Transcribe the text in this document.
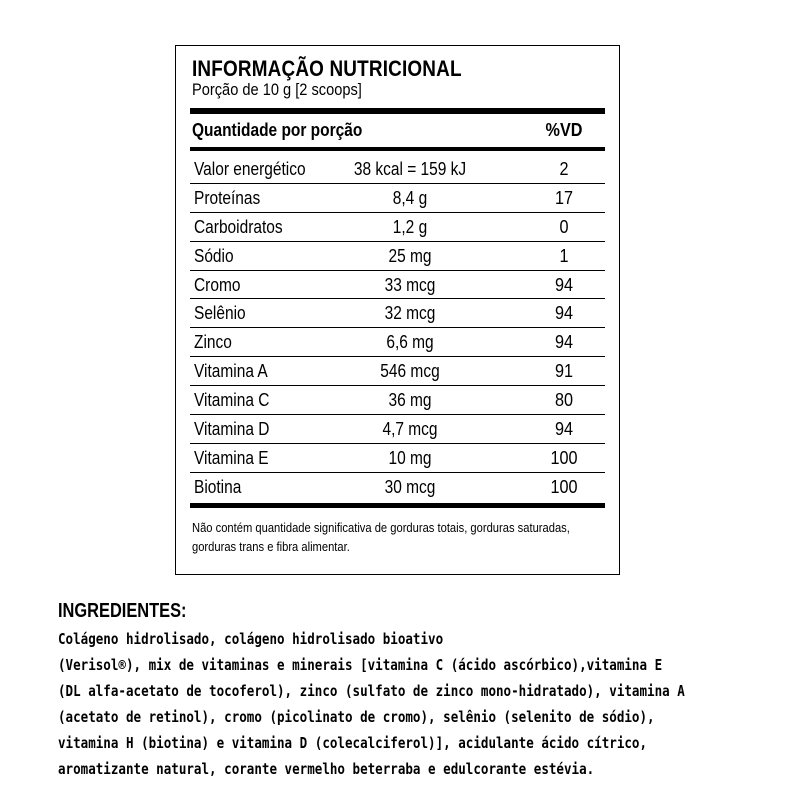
INFORMAÇÃO NUTRICIONAL
Porção de 10 g [2 scoops]
Quantidade por porção	%VD
Valor energético	38 kcal = 159 kJ	2
Proteínas	8,4 g	17
Carboidratos	1,2 g	0
Sódio	25 mg	1
Cromo	33 mcg	94
Selênio	32 mcg	94
Zinco	6,6 mg	94
Vitamina A	546 mcg	91
Vitamina C	36 mg	80
Vitamina D	4,7 mcg	94
Vitamina E	10 mg	100
Biotina	30 mcg	100
Não contém quantidade significativa de gorduras totais, gorduras saturadas,
gorduras trans e fibra alimentar.
INGREDIENTES:
Colágeno hidrolisado, colágeno hidrolisado bioativo
(Verisol®), mix de vitaminas e minerais [vitamina C (ácido ascórbico),vitamina E
(DL alfa-acetato de tocoferol), zinco (sulfato de zinco mono-hidratado), vitamina A
(acetato de retinol), cromo (picolinato de cromo), selênio (selenito de sódio),
vitamina H (biotina) e vitamina D (colecalciferol)], acidulante ácido cítrico,
aromatizante natural, corante vermelho beterraba e edulcorante estévia.
